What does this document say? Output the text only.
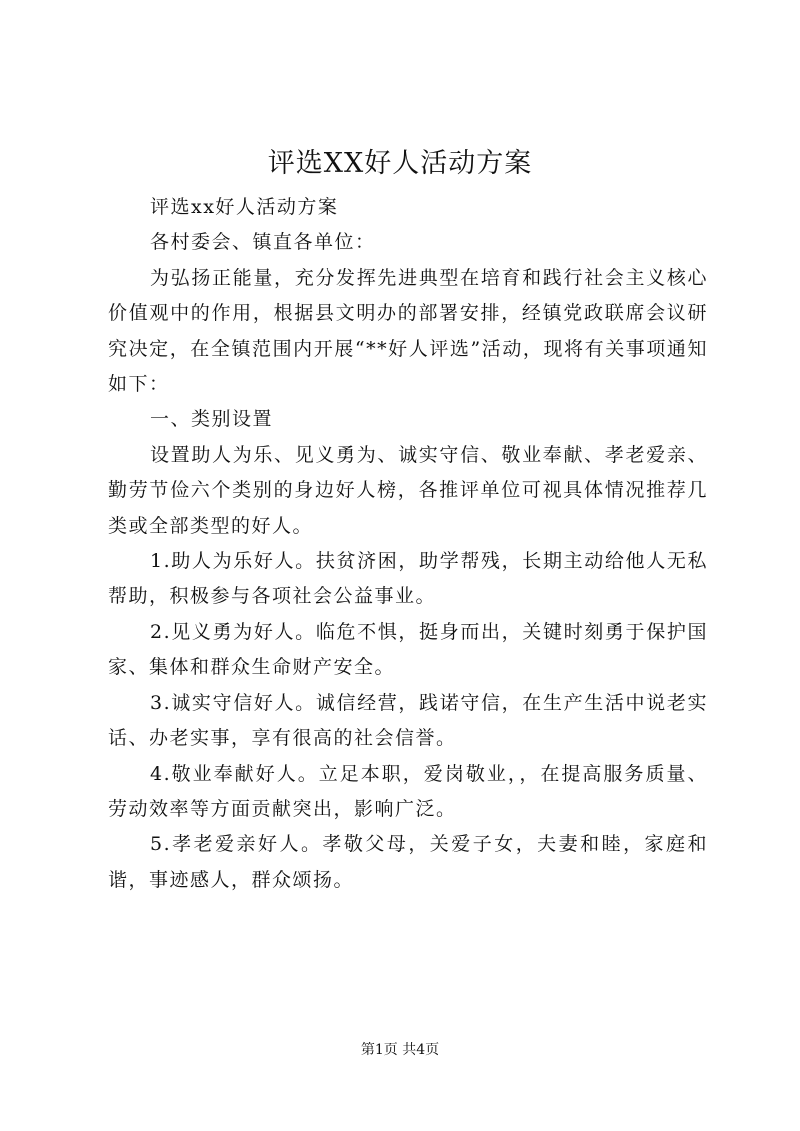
评选XX好人活动方案

评选xx好人活动方案

各村委会、镇直各单位：

为弘扬正能量，充分发挥先进典型在培育和践行社会主义核心价值观中的作用，根据县文明办的部署安排，经镇党政联席会议研究决定，在全镇范围内开展“**好人评选”活动，现将有关事项通知如下：

一、类别设置

设置助人为乐、见义勇为、诚实守信、敬业奉献、孝老爱亲、勤劳节俭六个类别的身边好人榜，各推评单位可视具体情况推荐几类或全部类型的好人。

1.助人为乐好人。扶贫济困，助学帮残，长期主动给他人无私帮助，积极参与各项社会公益事业。

2.见义勇为好人。临危不惧，挺身而出，关键时刻勇于保护国家、集体和群众生命财产安全。

3.诚实守信好人。诚信经营，践诺守信，在生产生活中说老实话、办老实事，享有很高的社会信誉。

4.敬业奉献好人。立足本职，爱岗敬业，，在提高服务质量、劳动效率等方面贡献突出，影响广泛。

5.孝老爱亲好人。孝敬父母，关爱子女，夫妻和睦，家庭和谐，事迹感人，群众颂扬。

第1页 共4页
